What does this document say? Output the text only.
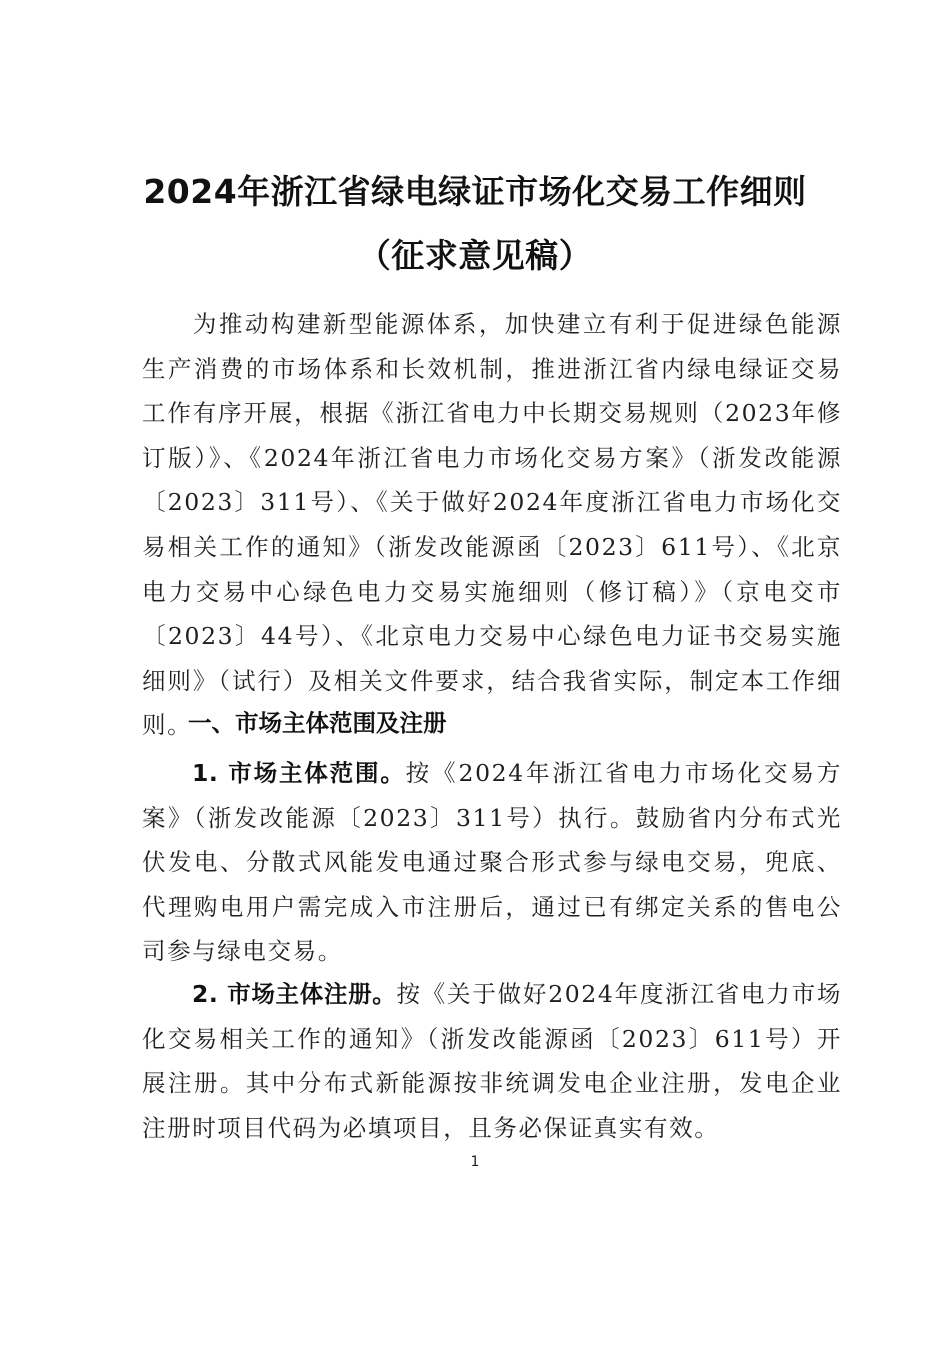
2024年浙江省绿电绿证市场化交易工作细则
（征求意见稿）
为推动构建新型能源体系，加快建立有利于促进绿色能源生产消费的市场体系和长效机制，推进浙江省内绿电绿证交易工作有序开展，根据《浙江省电力中长期交易规则（2023年修订版）》、《2024年浙江省电力市场化交易方案》（浙发改能源〔2023〕311号）、《关于做好2024年度浙江省电力市场化交易相关工作的通知》（浙发改能源函〔2023〕611号）、《北京电力交易中心绿色电力交易实施细则（修订稿）》（京电交市〔2023〕44号）、《北京电力交易中心绿色电力证书交易实施细则》（试行）及相关文件要求，结合我省实际，制定本工作细则。
一、市场主体范围及注册
1. 市场主体范围。按《2024年浙江省电力市场化交易方案》（浙发改能源〔2023〕311号）执行。鼓励省内分布式光伏发电、分散式风能发电通过聚合形式参与绿电交易，兜底、代理购电用户需完成入市注册后，通过已有绑定关系的售电公司参与绿电交易。
2. 市场主体注册。按《关于做好2024年度浙江省电力市场化交易相关工作的通知》（浙发改能源函〔2023〕611号）开展注册。其中分布式新能源按非统调发电企业注册，发电企业注册时项目代码为必填项目，且务必保证真实有效。
1
